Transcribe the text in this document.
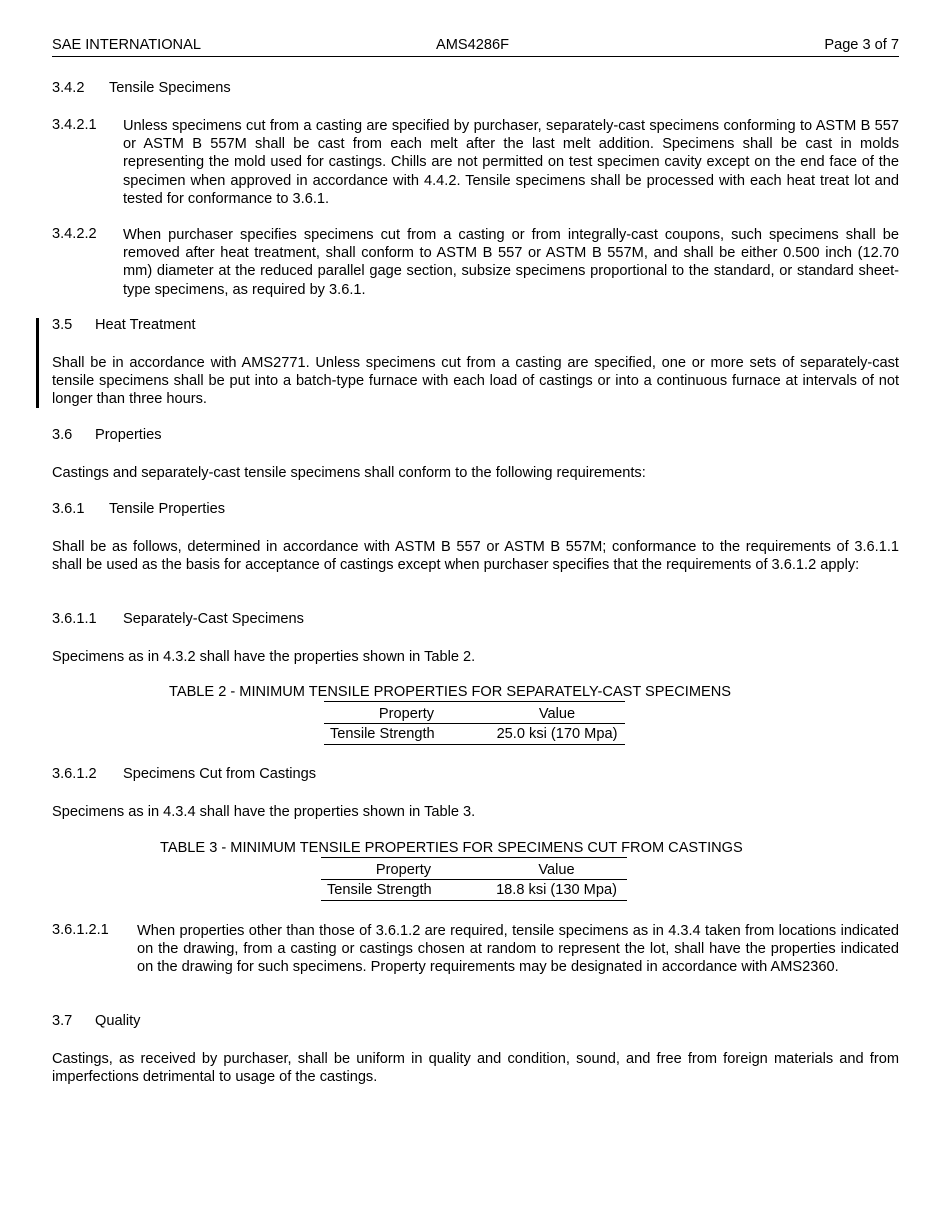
SAE INTERNATIONAL	AMS4286F	Page 3 of 7
3.4.2 Tensile Specimens
3.4.2.1 Unless specimens cut from a casting are specified by purchaser, separately-cast specimens conforming to ASTM B 557 or ASTM B 557M shall be cast from each melt after the last melt addition. Specimens shall be cast in molds representing the mold used for castings. Chills are not permitted on test specimen cavity except on the end face of the specimen when approved in accordance with 4.4.2. Tensile specimens shall be processed with each heat treat lot and tested for conformance to 3.6.1.
3.4.2.2 When purchaser specifies specimens cut from a casting or from integrally-cast coupons, such specimens shall be removed after heat treatment, shall conform to ASTM B 557 or ASTM B 557M, and shall be either 0.500 inch (12.70 mm) diameter at the reduced parallel gage section, subsize specimens proportional to the standard, or standard sheet-type specimens, as required by 3.6.1.
3.5 Heat Treatment
Shall be in accordance with AMS2771. Unless specimens cut from a casting are specified, one or more sets of separately-cast tensile specimens shall be put into a batch-type furnace with each load of castings or into a continuous furnace at intervals of not longer than three hours.
3.6 Properties
Castings and separately-cast tensile specimens shall conform to the following requirements:
3.6.1 Tensile Properties
Shall be as follows, determined in accordance with ASTM B 557 or ASTM B 557M; conformance to the requirements of 3.6.1.1 shall be used as the basis for acceptance of castings except when purchaser specifies that the requirements of 3.6.1.2 apply:
3.6.1.1 Separately-Cast Specimens
Specimens as in 4.3.2 shall have the properties shown in Table 2.
TABLE 2 - MINIMUM TENSILE PROPERTIES FOR SEPARATELY-CAST SPECIMENS
Property	Value
Tensile Strength	25.0 ksi (170 Mpa)
3.6.1.2 Specimens Cut from Castings
Specimens as in 4.3.4 shall have the properties shown in Table 3.
TABLE 3 - MINIMUM TENSILE PROPERTIES FOR SPECIMENS CUT FROM CASTINGS
Property	Value
Tensile Strength	18.8 ksi (130 Mpa)
3.6.1.2.1 When properties other than those of 3.6.1.2 are required, tensile specimens as in 4.3.4 taken from locations indicated on the drawing, from a casting or castings chosen at random to represent the lot, shall have the properties indicated on the drawing for such specimens. Property requirements may be designated in accordance with AMS2360.
3.7 Quality
Castings, as received by purchaser, shall be uniform in quality and condition, sound, and free from foreign materials and from imperfections detrimental to usage of the castings.
